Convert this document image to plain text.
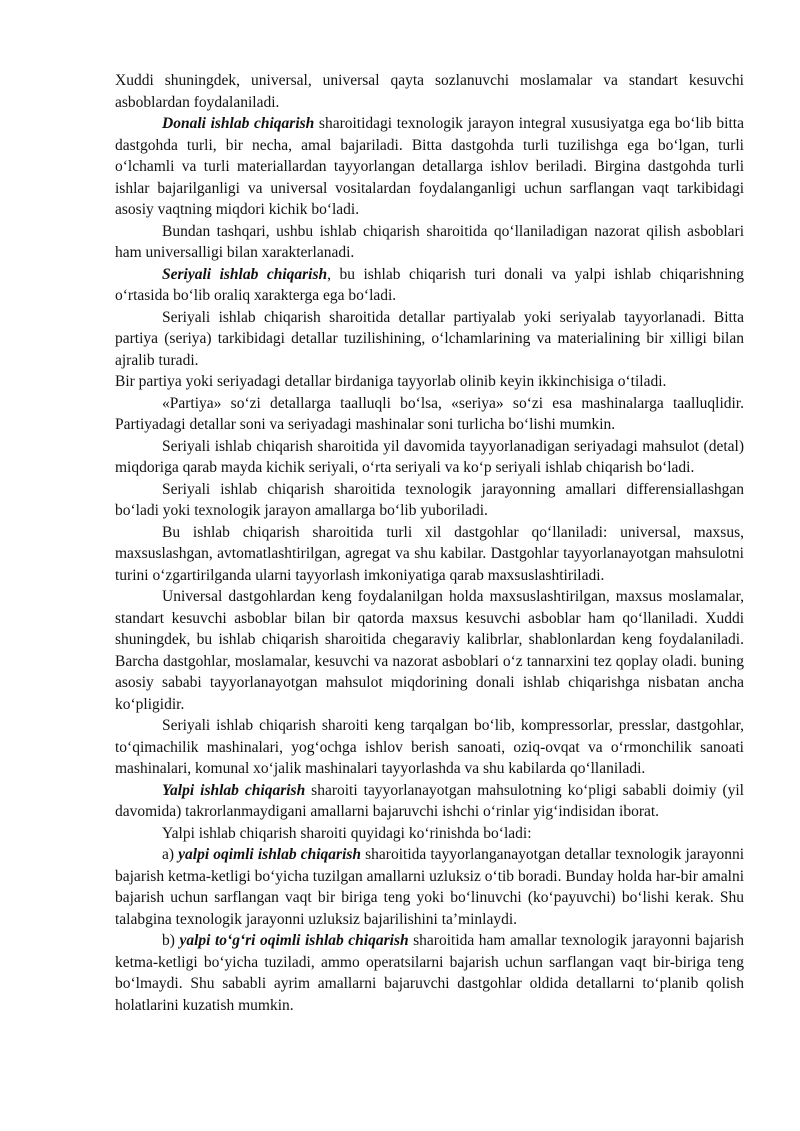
Xuddi shuningdek, universal, universal qayta sozlanuvchi moslamalar va standart kesuvchi asboblardan foydalaniladi.

Donali ishlab chiqarish sharoitidagi texnologik jarayon integral xususiyatga ega bo‘lib bitta dastgohda turli, bir necha, amal bajariladi. Bitta dastgohda turli tuzilishga ega bo‘lgan, turli o‘lchamli va turli materiallardan tayyorlangan detallarga ishlov beriladi. Birgina dastgohda turli ishlar bajarilganligi va universal vositalardan foydalanganligi uchun sarflangan vaqt tarkibidagi asosiy vaqtning miqdori kichik bo‘ladi.

Bundan tashqari, ushbu ishlab chiqarish sharoitida qo‘llaniladigan nazorat qilish asboblari ham universalligi bilan xarakterlanadi.

Seriyali ishlab chiqarish, bu ishlab chiqarish turi donali va yalpi ishlab chiqarishning o‘rtasida bo‘lib oraliq xarakterga ega bo‘ladi.

Seriyali ishlab chiqarish sharoitida detallar partiyalab yoki seriyalab tayyorlanadi. Bitta partiya (seriya) tarkibidagi detallar tuzilishining, o‘lchamlarining va materialining bir xilligi bilan ajralib turadi.

Bir partiya yoki seriyadagi detallar birdaniga tayyorlab olinib keyin ikkinchisiga o‘tiladi.

«Partiya» so‘zi detallarga taalluqli bo‘lsa, «seriya» so‘zi esa mashinalarga taalluqlidir. Partiyadagi detallar soni va seriyadagi mashinalar soni turlicha bo‘lishi mumkin.

Seriyali ishlab chiqarish sharoitida yil davomida tayyorlanadigan seriyadagi mahsulot (detal) miqdoriga qarab mayda kichik seriyali, o‘rta seriyali va ko‘p seriyali ishlab chiqarish bo‘ladi.

Seriyali ishlab chiqarish sharoitida texnologik jarayonning amallari differensiallashgan bo‘ladi yoki texnologik jarayon amallarga bo‘lib yuboriladi.

Bu ishlab chiqarish sharoitida turli xil dastgohlar qo‘llaniladi: universal, maxsus, maxsuslashgan, avtomatlashtirilgan, agregat va shu kabilar. Dastgohlar tayyorlanayotgan mahsulotni turini o‘zgartirilganda ularni tayyorlash imkoniyatiga qarab maxsuslashtiriladi.

Universal dastgohlardan keng foydalanilgan holda maxsuslashtirilgan, maxsus moslamalar, standart kesuvchi asboblar bilan bir qatorda maxsus kesuvchi asboblar ham qo‘llaniladi. Xuddi shuningdek, bu ishlab chiqarish sharoitida chegaraviy kalibrlar, shablonlardan keng foydalaniladi. Barcha dastgohlar, moslamalar, kesuvchi va nazorat asboblari o‘z tannarxini tez qoplay oladi. buning asosiy sababi tayyorlanayotgan mahsulot miqdorining donali ishlab chiqarishga nisbatan ancha ko‘pligidir.

Seriyali ishlab chiqarish sharoiti keng tarqalgan bo‘lib, kompressorlar, presslar, dastgohlar, to‘qimachilik mashinalari, yog‘ochga ishlov berish sanoati, oziq-ovqat va o‘rmonchilik sanoati mashinalari, komunal xo‘jalik mashinalari tayyorlashda va shu kabilarda qo‘llaniladi.

Yalpi ishlab chiqarish sharoiti tayyorlanayotgan mahsulotning ko‘pligi sababli doimiy (yil davomida) takrorlanmaydigani amallarni bajaruvchi ishchi o‘rinlar yig‘indisidan iborat.

Yalpi ishlab chiqarish sharoiti quyidagi ko‘rinishda bo‘ladi:

a) yalpi oqimli ishlab chiqarish sharoitida tayyorlanganayotgan detallar texnologik jarayonni bajarish ketma-ketligi bo‘yicha tuzilgan amallarni uzluksiz o‘tib boradi. Bunday holda har-bir amalni bajarish uchun sarflangan vaqt bir biriga teng yoki bo‘linuvchi (ko‘payuvchi) bo‘lishi kerak. Shu talabgina texnologik jarayonni uzluksiz bajarilishini ta’minlaydi.

b) yalpi to‘g‘ri oqimli ishlab chiqarish sharoitida ham amallar texnologik jarayonni bajarish ketma-ketligi bo‘yicha tuziladi, ammo operatsilarni bajarish uchun sarflangan vaqt bir-biriga teng bo‘lmaydi. Shu sababli ayrim amallarni bajaruvchi dastgohlar oldida detallarni to‘planib qolish holatlarini kuzatish mumkin.
